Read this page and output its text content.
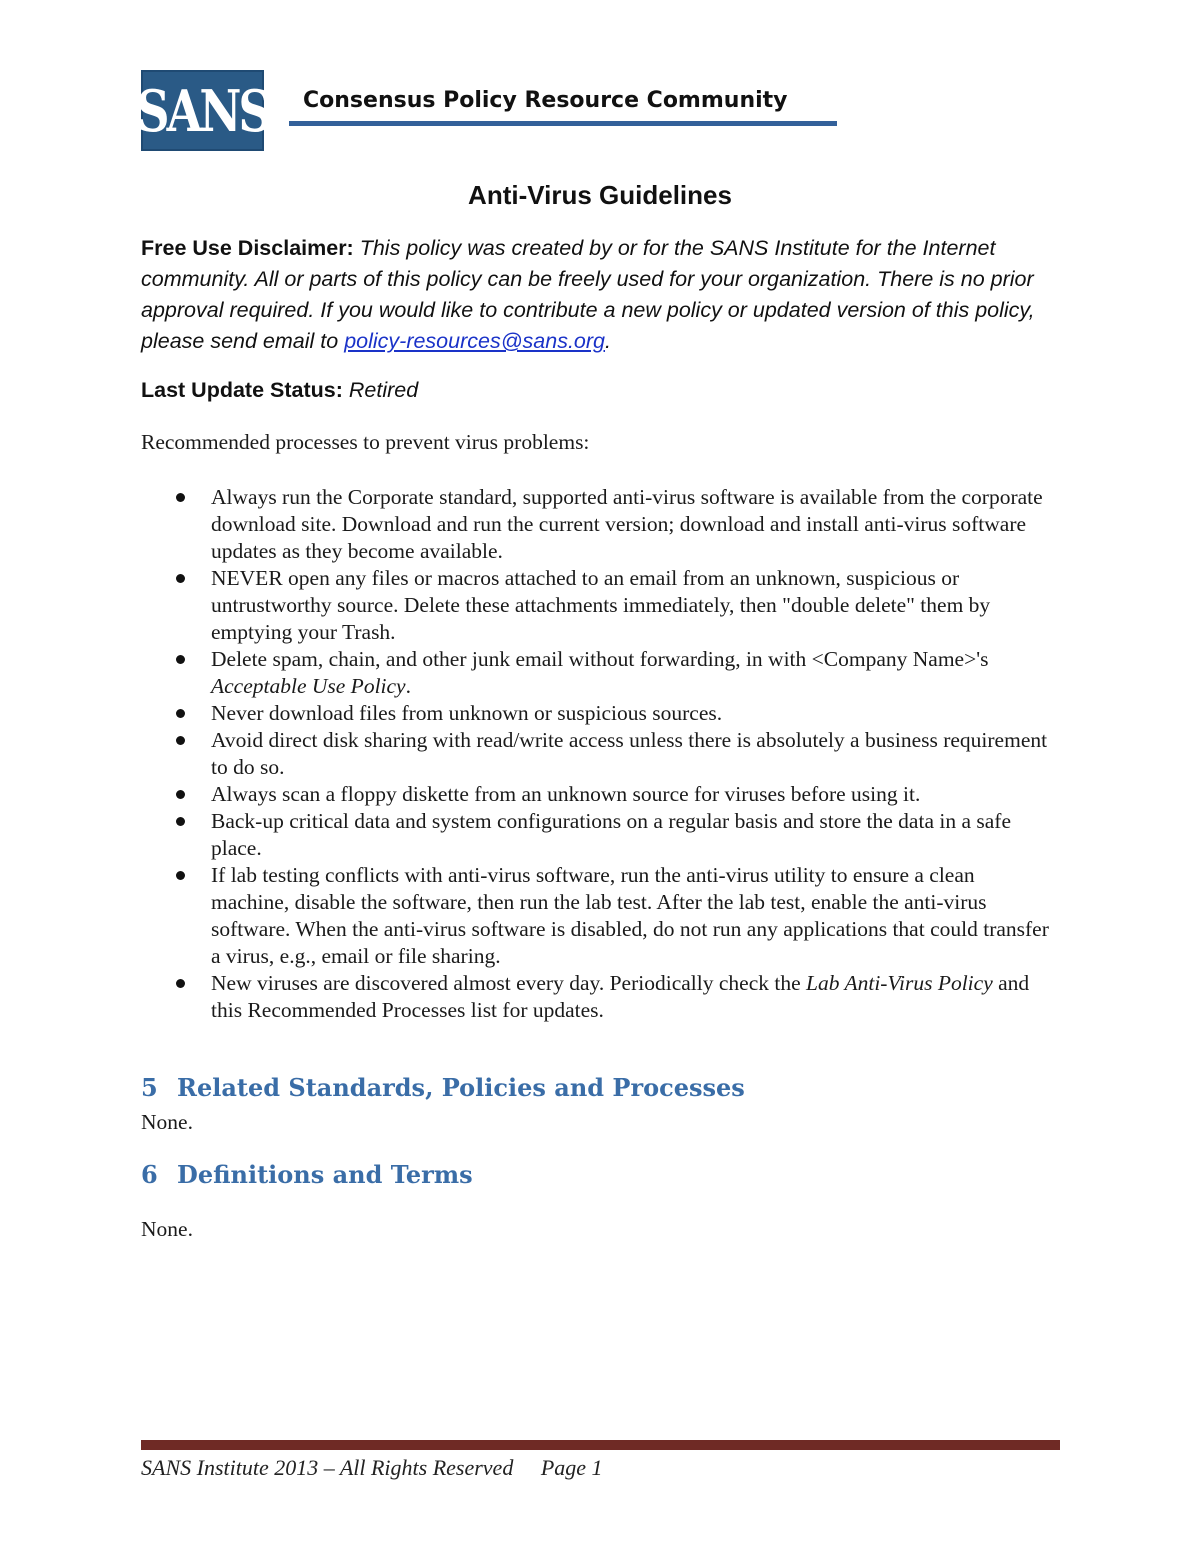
SANS Consensus Policy Resource Community
Anti-Virus Guidelines
Free Use Disclaimer: This policy was created by or for the SANS Institute for the Internet community. All or parts of this policy can be freely used for your organization. There is no prior approval required. If you would like to contribute a new policy or updated version of this policy, please send email to policy-resources@sans.org.
Last Update Status: Retired
Recommended processes to prevent virus problems:
Always run the Corporate standard, supported anti-virus software is available from the corporate download site. Download and run the current version; download and install anti-virus software updates as they become available.
NEVER open any files or macros attached to an email from an unknown, suspicious or untrustworthy source. Delete these attachments immediately, then "double delete" them by emptying your Trash.
Delete spam, chain, and other junk email without forwarding, in with <Company Name>'s Acceptable Use Policy.
Never download files from unknown or suspicious sources.
Avoid direct disk sharing with read/write access unless there is absolutely a business requirement to do so.
Always scan a floppy diskette from an unknown source for viruses before using it.
Back-up critical data and system configurations on a regular basis and store the data in a safe place.
If lab testing conflicts with anti-virus software, run the anti-virus utility to ensure a clean machine, disable the software, then run the lab test. After the lab test, enable the anti-virus software. When the anti-virus software is disabled, do not run any applications that could transfer a virus, e.g., email or file sharing.
New viruses are discovered almost every day. Periodically check the Lab Anti-Virus Policy and this Recommended Processes list for updates.
5 Related Standards, Policies and Processes
None.
6 Definitions and Terms
None.
SANS Institute 2013 – All Rights Reserved     Page 1
